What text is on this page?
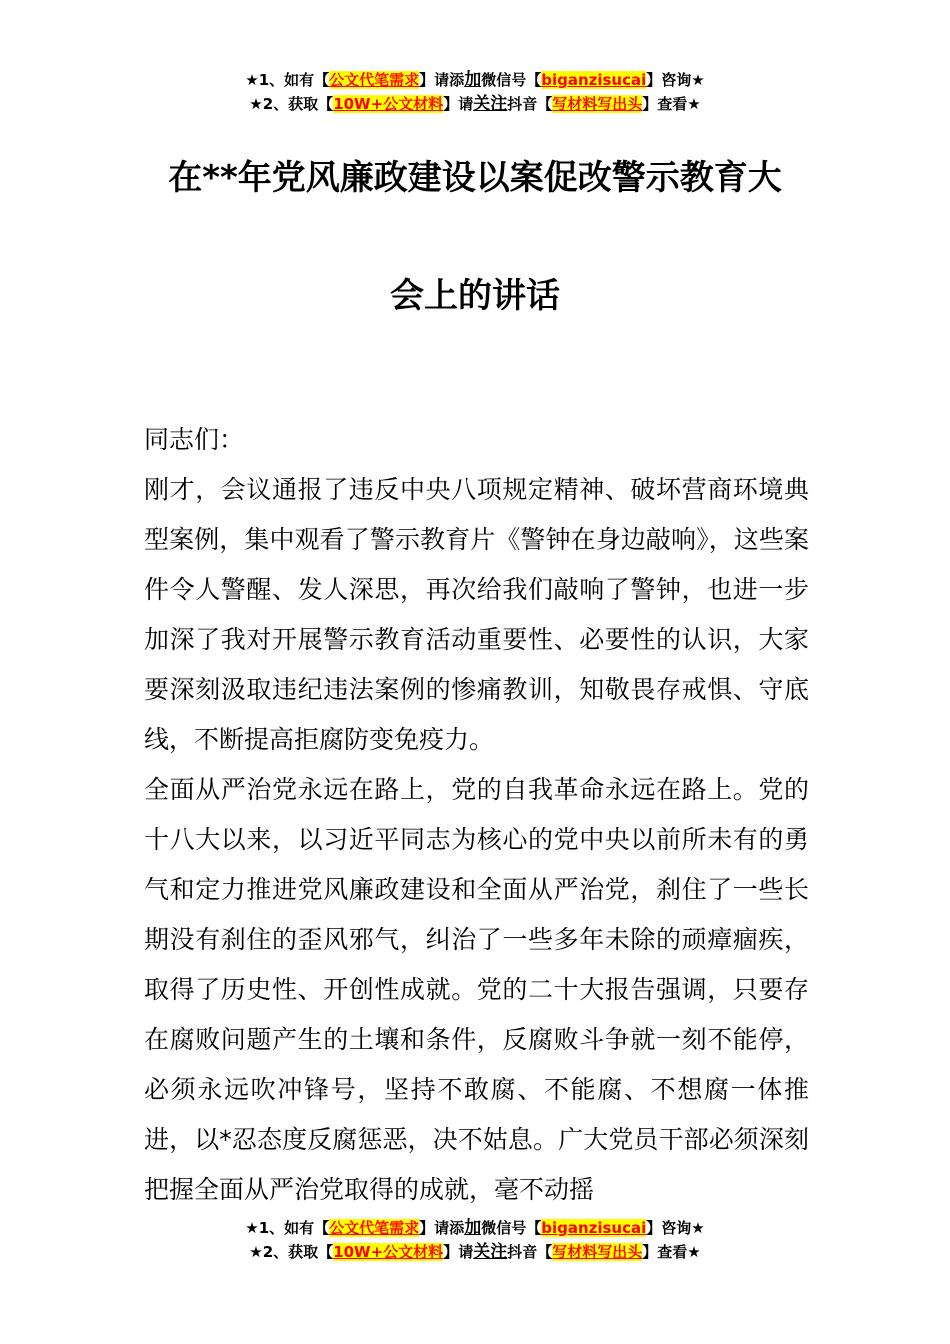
★1、如有【公文代笔需求】请添加微信号【biganzisucai】咨询★
★2、获取【10W+公文材料】请关注抖音【写材料写出头】查看★
在**年党风廉政建设以案促改警示教育大
会上的讲话

同志们：

刚才，会议通报了违反中央八项规定精神、破坏营商环境典型案例，集中观看了警示教育片《警钟在身边敲响》，这些案件令人警醒、发人深思，再次给我们敲响了警钟，也进一步加深了我对开展警示教育活动重要性、必要性的认识，大家要深刻汲取违纪违法案例的惨痛教训，知敬畏存戒惧、守底线，不断提高拒腐防变免疫力。

全面从严治党永远在路上，党的自我革命永远在路上。党的十八大以来，以习近平同志为核心的党中央以前所未有的勇气和定力推进党风廉政建设和全面从严治党，刹住了一些长期没有刹住的歪风邪气，纠治了一些多年未除的顽瘴痼疾，取得了历史性、开创性成就。党的二十大报告强调，只要存在腐败问题产生的土壤和条件，反腐败斗争就一刻不能停，必须永远吹冲锋号，坚持不敢腐、不能腐、不想腐一体推进，以*忍态度反腐惩恶，决不姑息。广大党员干部必须深刻把握全面从严治党取得的成就，毫不动摇

★1、如有【公文代笔需求】请添加微信号【biganzisucai】咨询★
★2、获取【10W+公文材料】请关注抖音【写材料写出头】查看★
